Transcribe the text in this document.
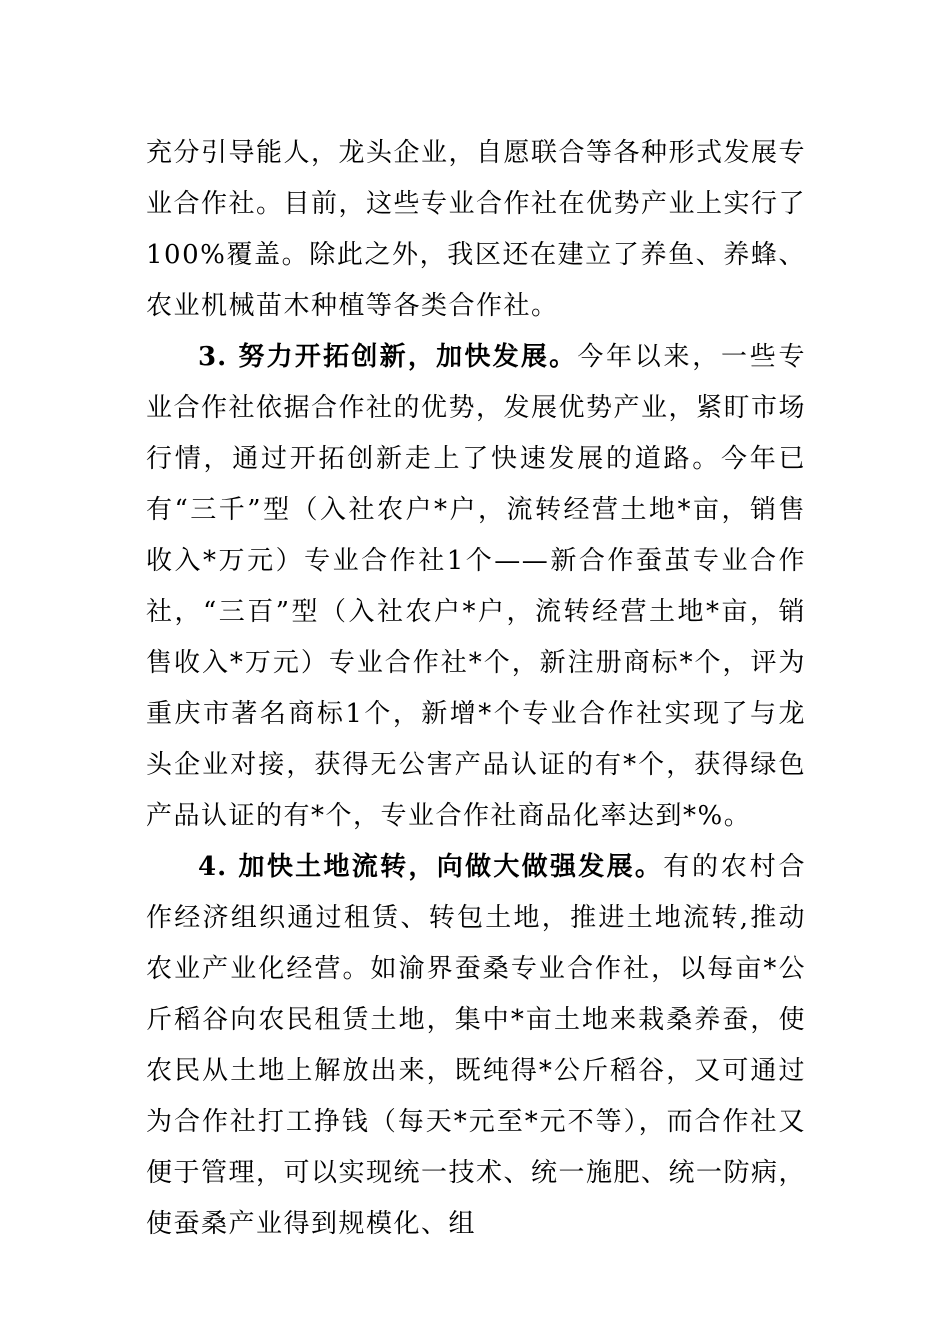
充分引导能人，龙头企业，自愿联合等各种形式发展专业合作社。目前，这些专业合作社在优势产业上实行了100%覆盖。除此之外，我区还在建立了养鱼、养蜂、农业机械苗木种植等各类合作社。

3. 努力开拓创新，加快发展。今年以来，一些专业合作社依据合作社的优势，发展优势产业，紧盯市场行情，通过开拓创新走上了快速发展的道路。今年已有“三千”型（入社农户*户，流转经营土地*亩，销售收入*万元）专业合作社1个——新合作蚕茧专业合作社，“三百”型（入社农户*户，流转经营土地*亩，销售收入*万元）专业合作社*个，新注册商标*个，评为重庆市著名商标1个，新增*个专业合作社实现了与龙头企业对接，获得无公害产品认证的有*个，获得绿色产品认证的有*个，专业合作社商品化率达到*%。

4. 加快土地流转，向做大做强发展。有的农村合作经济组织通过租赁、转包土地，推进土地流转,推动农业产业化经营。如渝界蚕桑专业合作社，以每亩*公斤稻谷向农民租赁土地，集中*亩土地来栽桑养蚕，使农民从土地上解放出来，既纯得*公斤稻谷，又可通过为合作社打工挣钱（每天*元至*元不等），而合作社又便于管理，可以实现统一技术、统一施肥、统一防病，使蚕桑产业得到规模化、组
